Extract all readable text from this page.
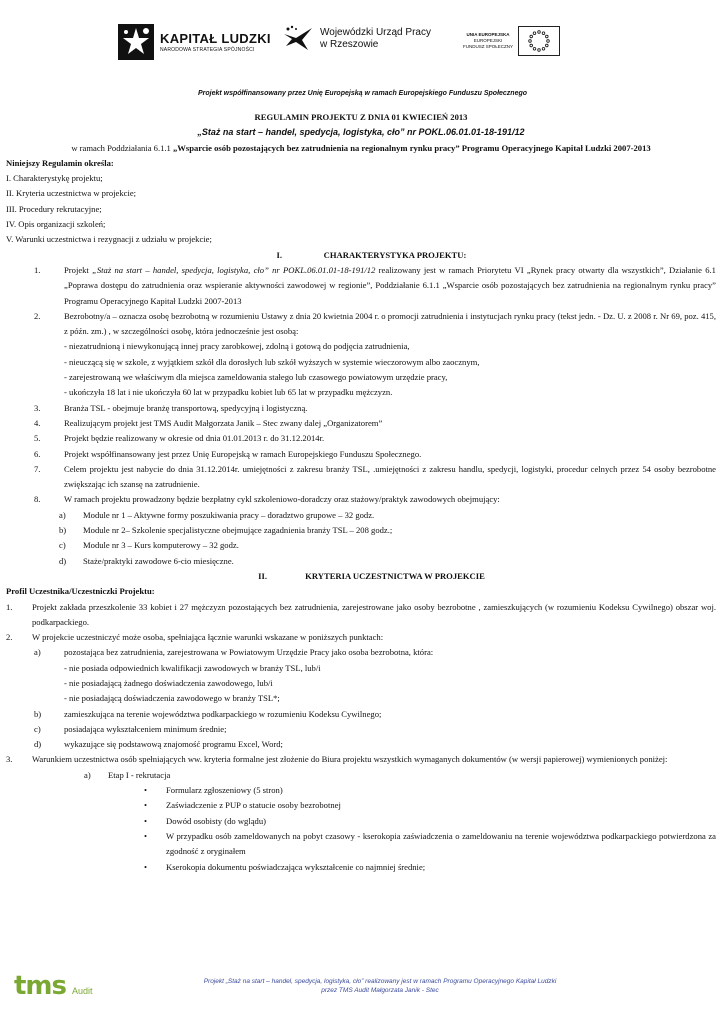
KAPITAŁ LUDZKI
NARODOWA STRATEGIA SPÓJNOŚCI
Wojewódzki Urząd Pracy
w Rzeszowie
UNIA EUROPEJSKA
EUROPEJSKI
FUNDUSZ SPOŁECZNY
Projekt współfinansowany przez Unię Europejską w ramach Europejskiego Funduszu Społecznego
REGULAMIN PROJEKTU Z DNIA 01 KWIECIEŃ 2013
„Staż na start – handel, spedycja, logistyka, cło” nr POKL.06.01.01-18-191/12
w ramach Poddziałania 6.1.1 „Wsparcie osób pozostających bez zatrudnienia na regionalnym rynku pracy” Programu Operacyjnego Kapitał Ludzki 2007-2013
Niniejszy Regulamin określa:
I. Charakterystykę projektu;
II. Kryteria uczestnictwa w projekcie;
III. Procedury rekrutacyjne;
IV. Opis organizacji szkoleń;
V. Warunki uczestnictwa i rezygnacji z udziału w projekcie;
I.	CHARAKTERYSTYKA PROJEKTU:
1.	Projekt „Staż na start – handel, spedycja, logistyka, cło” nr POKL.06.01.01-18-191/12 realizowany jest w ramach Priorytetu VI „Rynek pracy otwarty dla wszystkich”, Działanie 6.1 „Poprawa dostępu do zatrudnienia oraz wspieranie aktywności zawodowej w regionie”, Poddziałanie 6.1.1 „Wsparcie osób pozostających bez zatrudnienia na regionalnym rynku pracy” Programu Operacyjnego Kapitał Ludzki 2007-2013
2.	Bezrobotny/a – oznacza osobę bezrobotną w rozumieniu Ustawy z dnia 20 kwietnia 2004 r. o promocji zatrudnienia i instytucjach rynku pracy (tekst jedn. - Dz. U. z 2008 r. Nr 69, poz. 415, z późn. zm.) , w szczególności osobę, która jednocześnie jest osobą:
- niezatrudnioną i niewykonującą innej pracy zarobkowej, zdolną i gotową do podjęcia zatrudnienia,
- nieuczącą się w szkole, z wyjątkiem szkół dla dorosłych lub szkół wyższych w systemie wieczorowym albo zaocznym,
- zarejestrowaną we właściwym dla miejsca zameldowania stałego lub czasowego powiatowym urzędzie pracy,
- ukończyła 18 lat i nie ukończyła 60 lat w przypadku kobiet lub 65 lat w przypadku mężczyzn.
3.	Branża TSL - obejmuje branżę transportową, spedycyjną i logistyczną.
4.	Realizującym projekt jest TMS Audit Małgorzata Janik – Stec zwany dalej „Organizatorem”
5.	Projekt będzie realizowany w okresie od dnia 01.01.2013 r. do 31.12.2014r.
6.	Projekt współfinansowany jest przez Unię Europejską w ramach Europejskiego Funduszu Społecznego.
7.	Celem projektu jest nabycie do dnia 31.12.2014r. umiejętności z zakresu branży TSL, .umiejętności z zakresu handlu, spedycji, logistyki, procedur celnych przez 54 osoby bezrobotne zwiększając ich szansę na zatrudnienie.
8.	W ramach projektu prowadzony będzie bezpłatny cykl szkoleniowo-doradczy oraz stażowy/praktyk zawodowych obejmujący:
a)	Module nr 1 – Aktywne formy poszukiwania pracy – doradztwo grupowe – 32 godz.
b)	Module nr 2– Szkolenie specjalistyczne obejmujące zagadnienia branży TSL – 208 godz.;
c)	Module nr 3 – Kurs komputerowy – 32 godz.
d)	Staże/praktyki zawodowe 6-cio miesięczne.
II.	KRYTERIA UCZESTNICTWA W PROJEKCIE
Profil Uczestnika/Uczestniczki Projektu:
1.	Projekt zakłada przeszkolenie 33 kobiet i 27 mężczyzn pozostających bez zatrudnienia, zarejestrowane jako osoby bezrobotne , zamieszkujących (w rozumieniu Kodeksu Cywilnego) obszar woj. podkarpackiego.
2.	W projekcie uczestniczyć może osoba, spełniająca łącznie warunki wskazane w poniższych punktach:
a)	pozostająca bez zatrudnienia, zarejestrowana w Powiatowym Urzędzie Pracy jako osoba bezrobotna, która:
- nie posiada odpowiednich kwalifikacji zawodowych w branży TSL, lub/i
- nie posiadającą żadnego doświadczenia zawodowego, lub/i
- nie posiadającą doświadczenia zawodowego w branży TSL*;
b)	zamieszkująca na terenie województwa podkarpackiego w rozumieniu Kodeksu Cywilnego;
c)	posiadająca wykształceniem minimum średnie;
d)	wykazujące się podstawową znajomość programu Excel, Word;
3.	Warunkiem uczestnictwa osób spełniających ww. kryteria formalne jest złożenie do Biura projektu wszystkich wymaganych dokumentów (w wersji papierowej) wymienionych poniżej:
a)	Etap I - rekrutacja
•	Formularz zgłoszeniowy (5 stron)
•	Zaświadczenie z PUP o statucie osoby bezrobotnej
•	Dowód osobisty (do wglądu)
•	W przypadku osób zameldowanych na pobyt czasowy - kserokopia zaświadczenia o zameldowaniu na terenie województwa podkarpackiego potwierdzona za zgodność z oryginałem
•	Kserokopia dokumentu poświadczająca wykształcenie co najmniej średnie;
tms Audit
Projekt „Staż na start – handel, spedycja, logistyka, cło” realizowany jest w ramach Programu Operacyjnego Kapitał Ludzki
przez TMS Audit Małgorzata Janik - Stec
